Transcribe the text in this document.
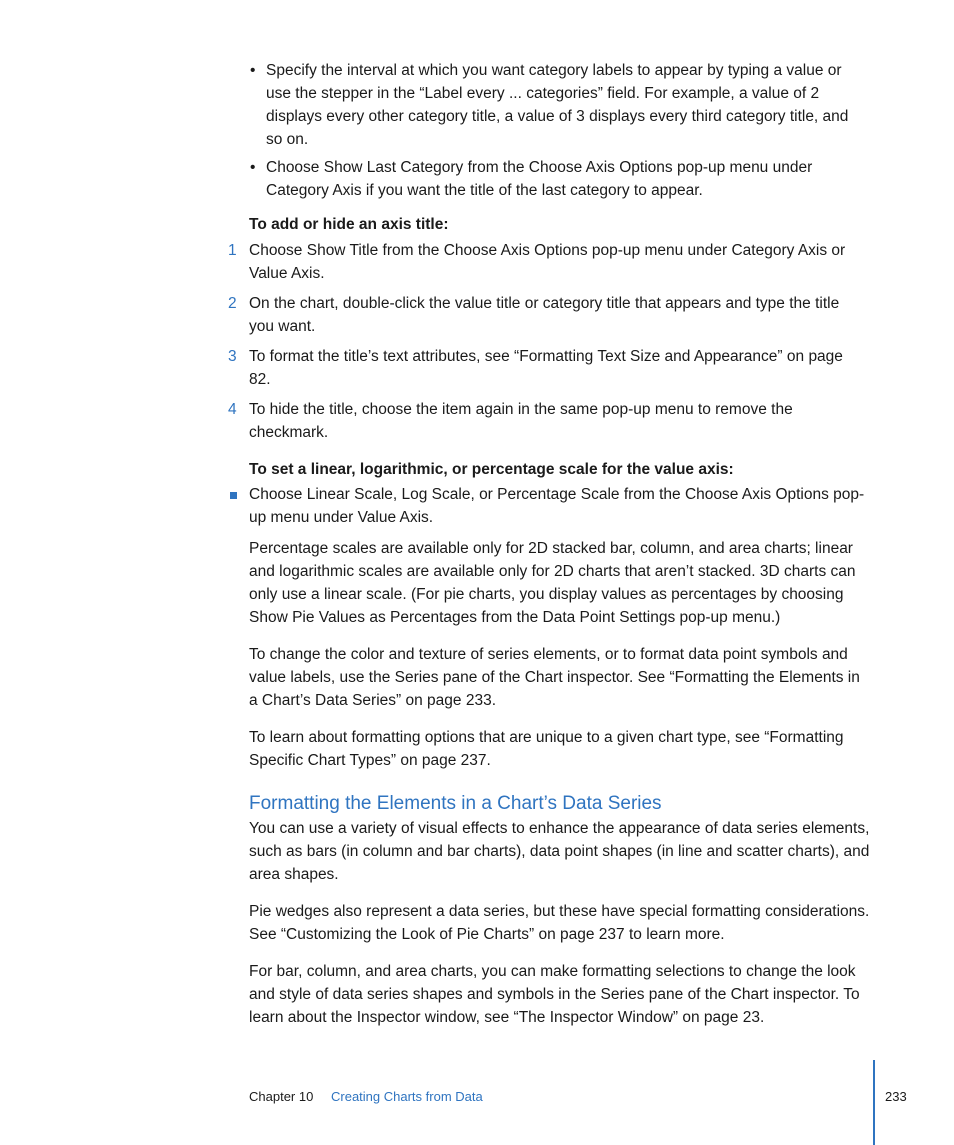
• Specify the interval at which you want category labels to appear by typing a value or use the stepper in the “Label every ... categories” field. For example, a value of 2 displays every other category title, a value of 3 displays every third category title, and so on.
• Choose Show Last Category from the Choose Axis Options pop-up menu under Category Axis if you want the title of the last category to appear.
To add or hide an axis title:
1 Choose Show Title from the Choose Axis Options pop-up menu under Category Axis or Value Axis.
2 On the chart, double-click the value title or category title that appears and type the title you want.
3 To format the title’s text attributes, see “Formatting Text Size and Appearance” on page 82.
4 To hide the title, choose the item again in the same pop-up menu to remove the checkmark.
To set a linear, logarithmic, or percentage scale for the value axis:
Choose Linear Scale, Log Scale, or Percentage Scale from the Choose Axis Options pop-up menu under Value Axis.

Percentage scales are available only for 2D stacked bar, column, and area charts; linear and logarithmic scales are available only for 2D charts that aren’t stacked. 3D charts can only use a linear scale. (For pie charts, you display values as percentages by choosing Show Pie Values as Percentages from the Data Point Settings pop-up menu.)

To change the color and texture of series elements, or to format data point symbols and value labels, use the Series pane of the Chart inspector. See “Formatting the Elements in a Chart’s Data Series” on page 233.

To learn about formatting options that are unique to a given chart type, see “Formatting Specific Chart Types” on page 237.

Formatting the Elements in a Chart’s Data Series

You can use a variety of visual effects to enhance the appearance of data series elements, such as bars (in column and bar charts), data point shapes (in line and scatter charts), and area shapes.

Pie wedges also represent a data series, but these have special formatting considerations. See “Customizing the Look of Pie Charts” on page 237 to learn more.

For bar, column, and area charts, you can make formatting selections to change the look and style of data series shapes and symbols in the Series pane of the Chart inspector. To learn about the Inspector window, see “The Inspector Window” on page 23.

Chapter 10 Creating Charts from Data	233
